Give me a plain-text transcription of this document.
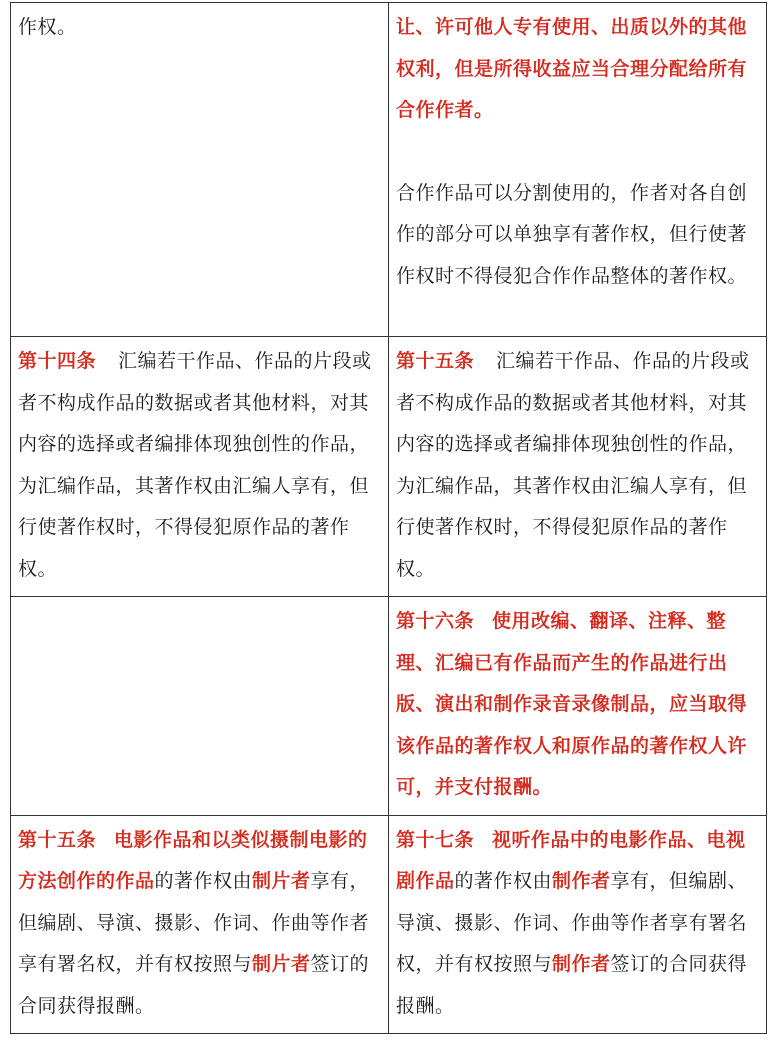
作权。	让、许可他人专有使用、出质以外的其他权利，但是所得收益应当合理分配给所有合作作者。

合作作品可以分割使用的，作者对各自创作的部分可以单独享有著作权，但行使著作权时不得侵犯合作作品整体的著作权。

第十四条 汇编若干作品、作品的片段或者不构成作品的数据或者其他材料，对其内容的选择或者编排体现独创性的作品，为汇编作品，其著作权由汇编人享有，但行使著作权时，不得侵犯原作品的著作权。	第十五条 汇编若干作品、作品的片段或者不构成作品的数据或者其他材料，对其内容的选择或者编排体现独创性的作品，为汇编作品，其著作权由汇编人享有，但行使著作权时，不得侵犯原作品的著作权。

	第十六条 使用改编、翻译、注释、整理、汇编已有作品而产生的作品进行出版、演出和制作录音录像制品，应当取得该作品的著作权人和原作品的著作权人许可，并支付报酬。

第十五条 电影作品和以类似摄制电影的方法创作的作品的著作权由制片者享有，但编剧、导演、摄影、作词、作曲等作者享有署名权，并有权按照与制片者签订的合同获得报酬。	第十七条 视听作品中的电影作品、电视剧作品的著作权由制作者享有，但编剧、导演、摄影、作词、作曲等作者享有署名权，并有权按照与制作者签订的合同获得报酬。
